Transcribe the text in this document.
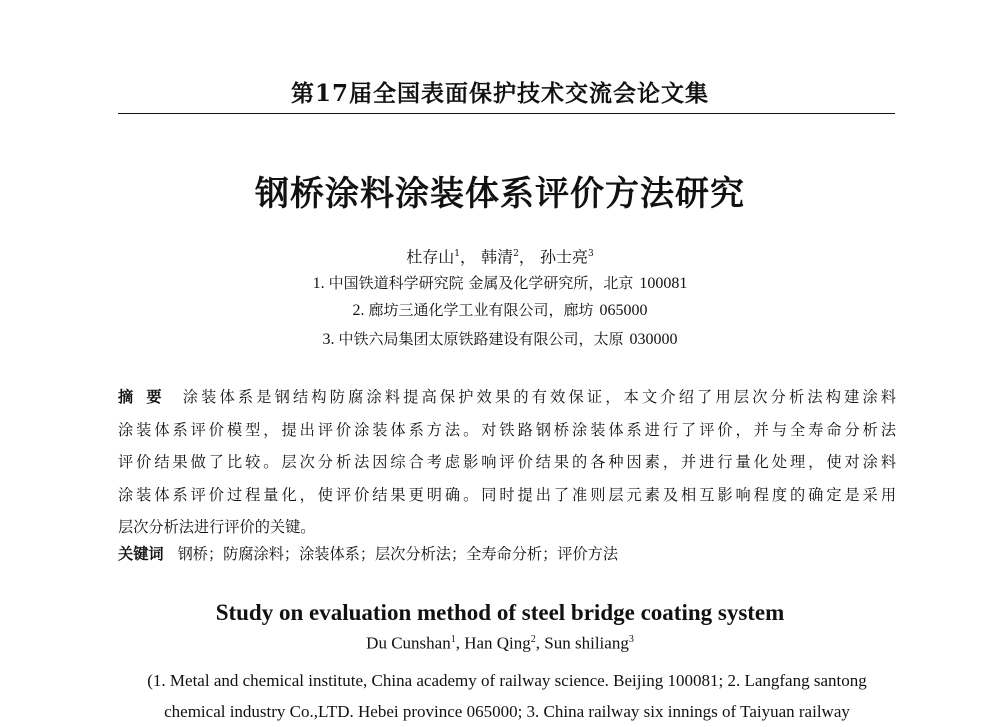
第17届全国表面保护技术交流会论文集
钢桥涂料涂装体系评价方法研究
杜存山$^1$， 韩清$^2$， 孙士亮$^3$
1. 中国铁道科学研究院 金属及化学研究所，北京 100081
2. 廊坊三通化学工业有限公司，廊坊 065000
3. 中铁六局集团太原铁路建设有限公司，太原 030000
摘要 涂装体系是钢结构防腐涂料提高保护效果的有效保证，本文介绍了用层次分析法构建涂料
涂装体系评价模型，提出评价涂装体系方法。对铁路钢桥涂装体系进行了评价，并与全寿命分析法
评价结果做了比较。层次分析法因综合考虑影响评价结果的各种因素，并进行量化处理，使对涂料
涂装体系评价过程量化，使评价结果更明确。同时提出了准则层元素及相互影响程度的确定是采用
层次分析法进行评价的关键。
关键词 钢桥；防腐涂料；涂装体系；层次分析法；全寿命分析；评价方法
Study on evaluation method of steel bridge coating system
Du Cunshan$^1$, Han Qing$^2$, Sun shiliang$^3$
(1. Metal and chemical institute, China academy of railway science. Beijing 100081; 2. Langfang santong
chemical industry Co.,LTD. Hebei province 065000; 3. China railway six innings of Taiyuan railway
